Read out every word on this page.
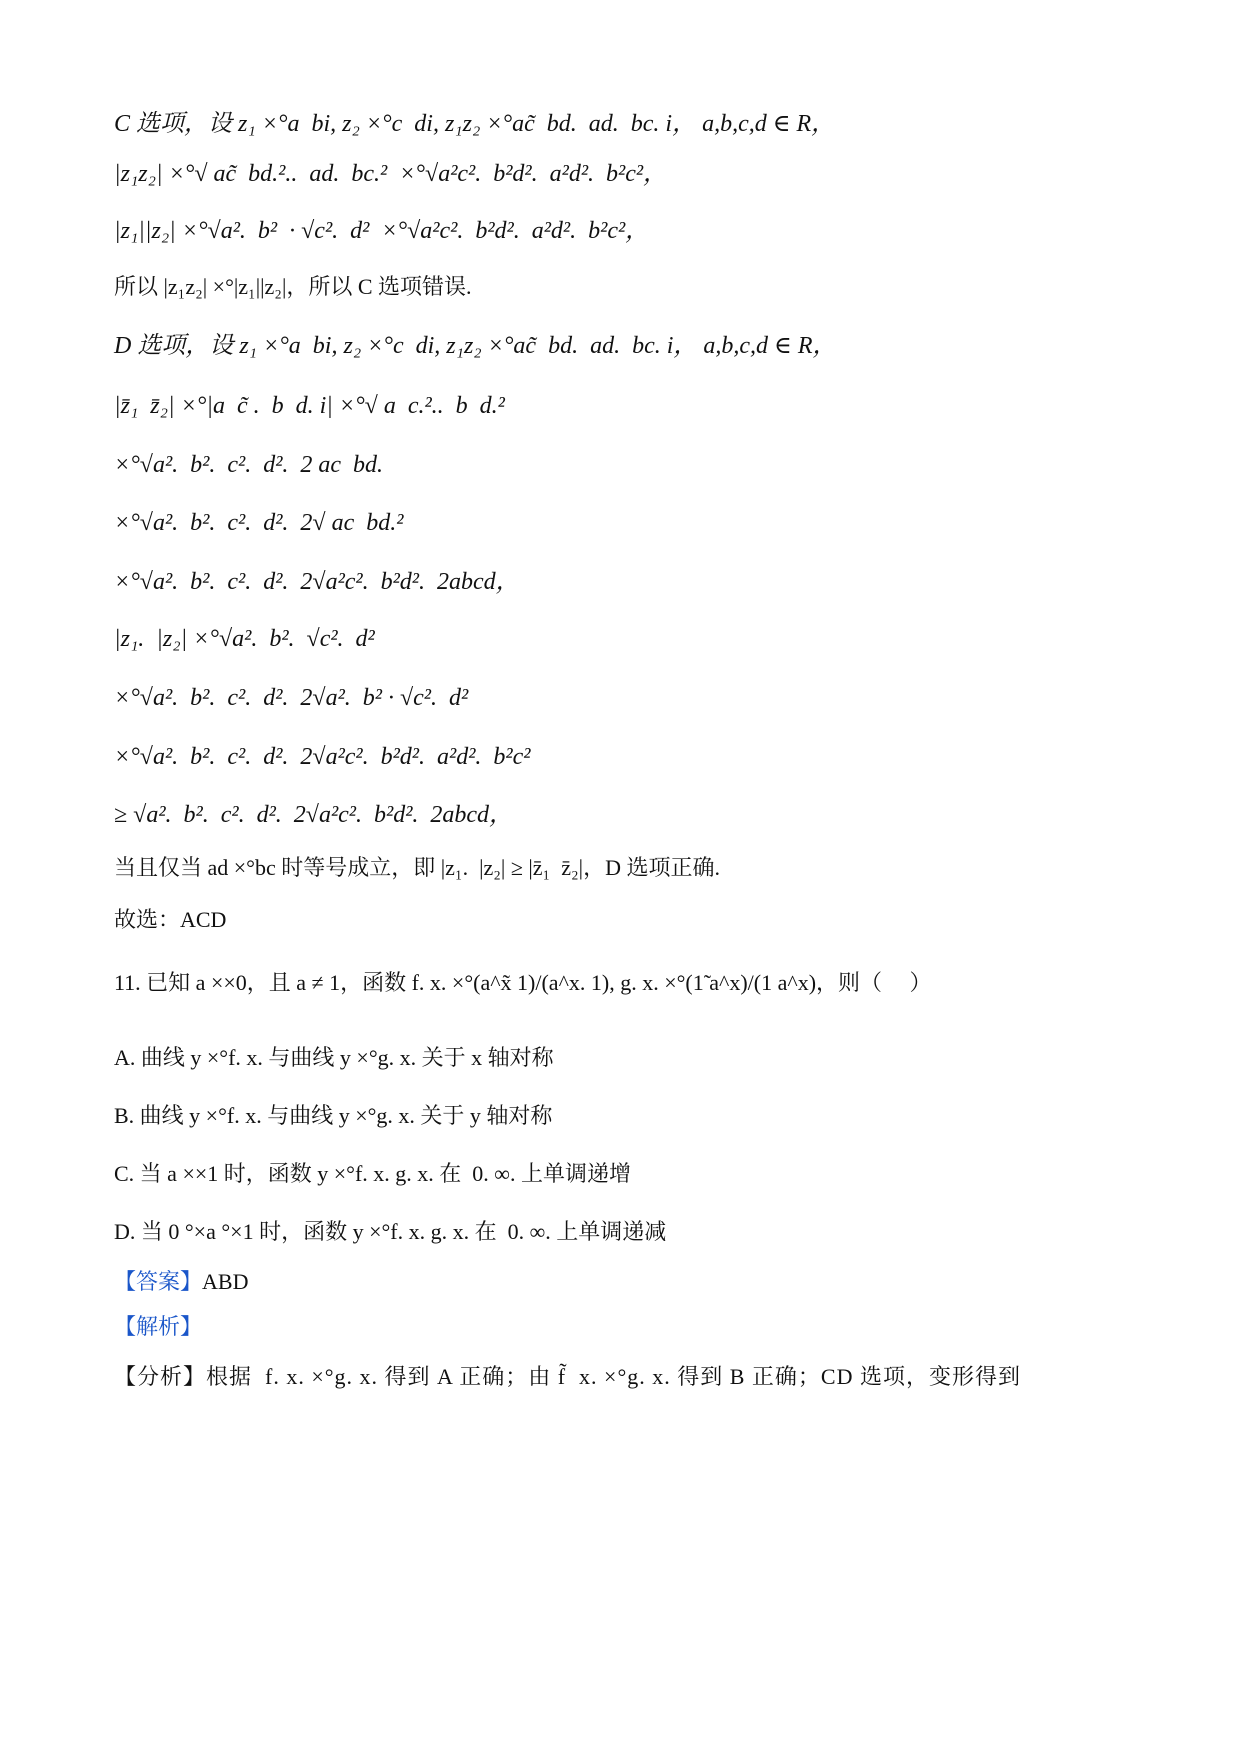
C 选项，设 z₁ ×°a  bi, z₂ ×°c  di, z₁z₂ ×°ac̃  bd.  ad.  bc. i， a,b,c,d ∈ R，
|z₁z₂| ×°√ ac̃  bd.²..  ad.  bc.²  ×°√a²c².  b²d².  a²d².  b²c²，
|z₁||z₂| ×°√a².  b²  · √c².  d²  ×°√a²c².  b²d².  a²d².  b²c²，
所以 |z₁z₂| ×°|z₁||z₂|，所以 C 选项错误.
D 选项，设 z₁ ×°a  bi, z₂ ×°c  di, z₁z₂ ×°ac̃  bd.  ad.  bc. i， a,b,c,d ∈ R，
|z̄₁  z̄₂| ×°|a  c̃ .  b  d. i| ×°√ a  c.²..  b  d.²
×°√a².  b².  c².  d².  2 ac  bd.
×°√a².  b².  c².  d².  2√ ac  bd.²
×°√a².  b².  c².  d².  2√a²c².  b²d².  2abcd，
|z₁.  |z₂| ×°√a².  b².  √c².  d²
×°√a².  b².  c².  d².  2√a².  b² · √c².  d²
×°√a².  b².  c².  d².  2√a²c².  b²d².  a²d².  b²c²
≥ √a².  b².  c².  d².  2√a²c².  b²d².  2abcd，
当且仅当 ad ×°bc 时等号成立，即 |z₁.  |z₂| ≥ |z̄₁  z̄₂|，D 选项正确.
故选：ACD
11. 已知 a ××0，且 a ≠ 1，函数 f. x. ×°(a^x̃ 1)/(a^x. 1), g. x. ×°(1̃ a^x)/(1 a^x)，则（     ）
A. 曲线 y ×°f. x. 与曲线 y ×°g. x. 关于 x 轴对称
B. 曲线 y ×°f. x. 与曲线 y ×°g. x. 关于 y 轴对称
C. 当 a ××1 时，函数 y ×°f. x. g. x. 在  0. ∞. 上单调递增
D. 当 0 °×a °×1 时，函数 y ×°f. x. g. x. 在  0. ∞. 上单调递减
【答案】ABD
【解析】
【分析】根据  f. x. ×°g. x. 得到 A 正确；由 f̃  x. ×°g. x. 得到 B 正确；CD 选项，变形得到
